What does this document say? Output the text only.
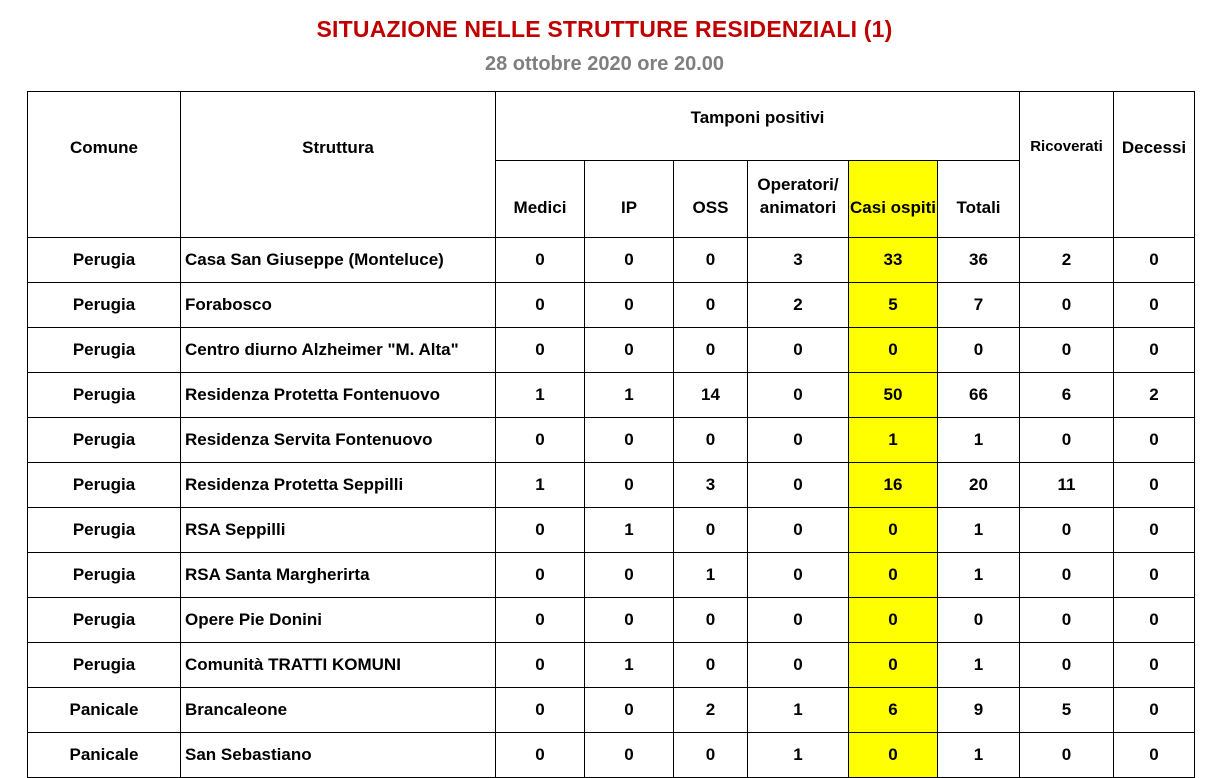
SITUAZIONE NELLE STRUTTURE RESIDENZIALI (1)
28 ottobre 2020 ore 20.00
Comune	Struttura	Tamponi positivi						Ricoverati	Decessi
		Medici	IP	OSS	Operatori/ animatori	Casi ospiti	Totali		
Perugia	Casa San Giuseppe (Monteluce)	0	0	0	3	33	36	2	0
Perugia	Forabosco	0	0	0	2	5	7	0	0
Perugia	Centro diurno Alzheimer "M. Alta"	0	0	0	0	0	0	0	0
Perugia	Residenza Protetta Fontenuovo	1	1	14	0	50	66	6	2
Perugia	Residenza Servita Fontenuovo	0	0	0	0	1	1	0	0
Perugia	Residenza Protetta Seppilli	1	0	3	0	16	20	11	0
Perugia	RSA Seppilli	0	1	0	0	0	1	0	0
Perugia	RSA Santa Margherirta	0	0	1	0	0	1	0	0
Perugia	Opere Pie Donini	0	0	0	0	0	0	0	0
Perugia	Comunità TRATTI KOMUNI	0	1	0	0	0	1	0	0
Panicale	Brancaleone	0	0	2	1	6	9	5	0
Panicale	San Sebastiano	0	0	0	1	0	1	0	0
